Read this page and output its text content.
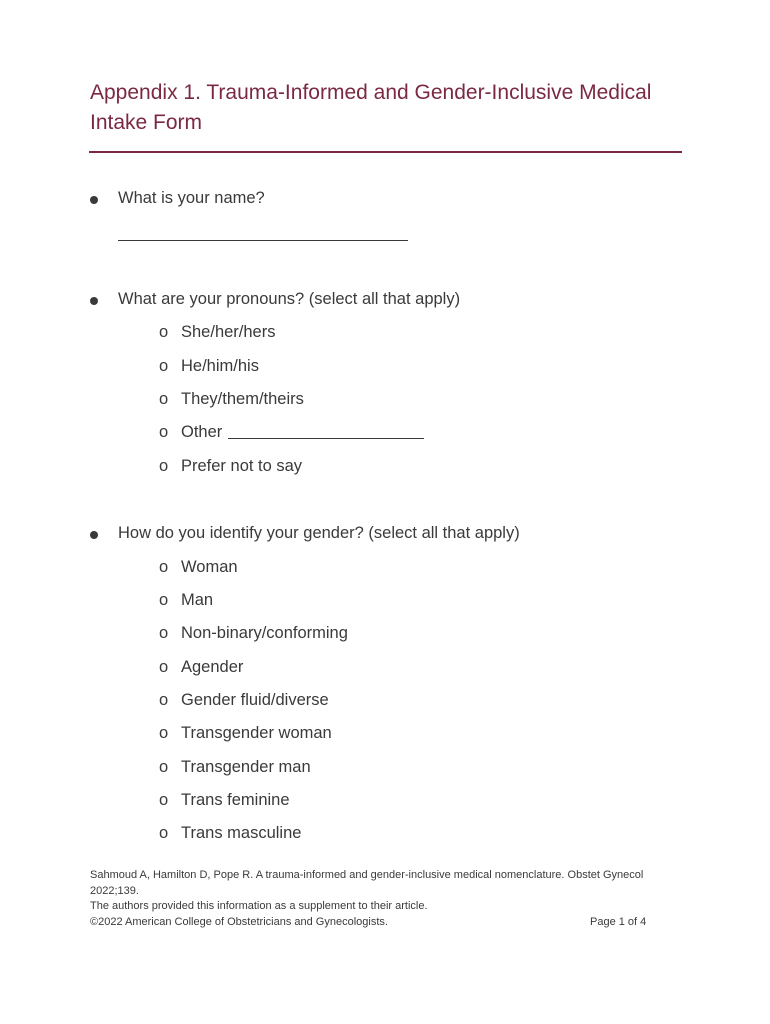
Appendix 1. Trauma-Informed and Gender-Inclusive Medical Intake Form
What is your name?
What are your pronouns? (select all that apply)
o She/her/hers
o He/him/his
o They/them/theirs
o Other
o Prefer not to say
How do you identify your gender? (select all that apply)
o Woman
o Man
o Non-binary/conforming
o Agender
o Gender fluid/diverse
o Transgender woman
o Transgender man
o Trans feminine
o Trans masculine
Sahmoud A, Hamilton D, Pope R. A trauma-informed and gender-inclusive medical nomenclature. Obstet Gynecol 2022;139.
The authors provided this information as a supplement to their article.
©2022 American College of Obstetricians and Gynecologists.	Page 1 of 4
